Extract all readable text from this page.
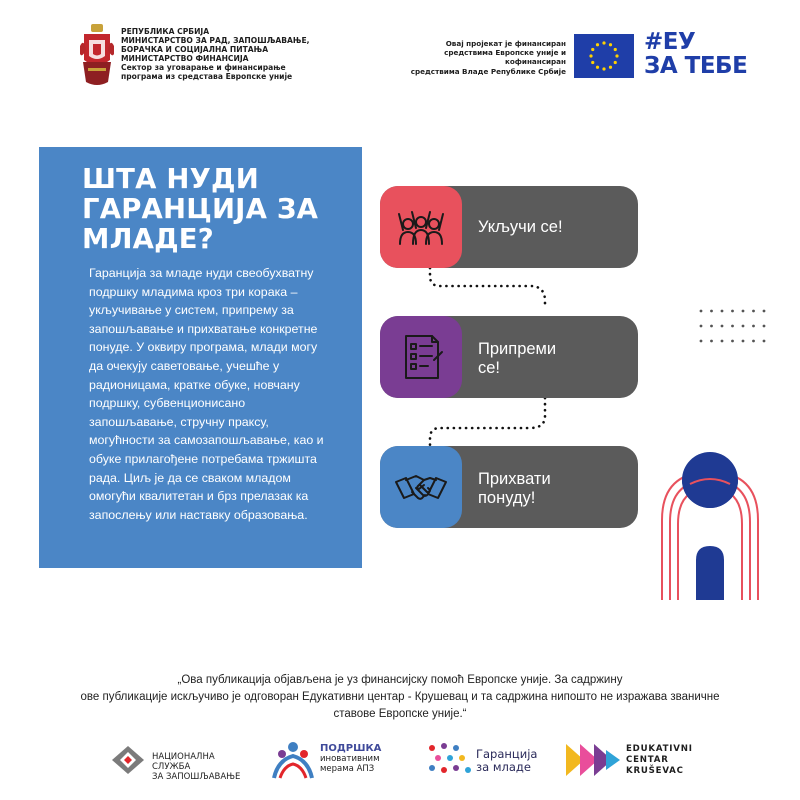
РЕПУБЛИКА СРБИЈА
МИНИСТАРСТВО ЗА РАД, ЗАПОШЉАВАЊЕ,
БОРАЧКА И СОЦИЈАЛНА ПИТАЊА
МИНИСТАРСТВО ФИНАНСИЈА
Сектор за уговарање и финансирање
програма из средстава Европске уније
Овај пројекат је финансиран
средствима Европске уније и кофинансиран
средствима Владе Републике Србије
#ЕУ
ЗА ТЕБЕ
ШТА НУДИ ГАРАНЦИЈА ЗА МЛАДЕ?
Гаранција за младе нуди свеобухватну подршку младима кроз три корака – укључивање у систем, припрему за запошљавање и прихватање конкретне понуде. У оквиру програма, млади могу да очекују саветовање, учешће у радионицама, кратке обуке, новчану подршку, субвенционисано запошљавање, стручну праксу, могућности за самозапошљавање, као и обуке прилагођене потребама тржишта рада. Циљ је да се сваком младом омогући квалитетан и брз прелазак ка запослењу или наставку образовања.
Укључи се!
Припреми
се!
Прихвати
понуду!
„Ова публикација објављена је уз финансијску помоћ Европске уније. За садржину
ове публикације искључиво је одговоран Едукативни центар - Крушевац и та садржина нипошто не изражава званичне
ставове Европске уније.“
НАЦИОНАЛНА СЛУЖБА
ЗА ЗАПОШЉАВАЊЕ
ПОДРШКА
иновативним
мерама АПЗ
Гаранција
за младе
EDUKATIVNI
CENTAR
KRUŠEVAC
